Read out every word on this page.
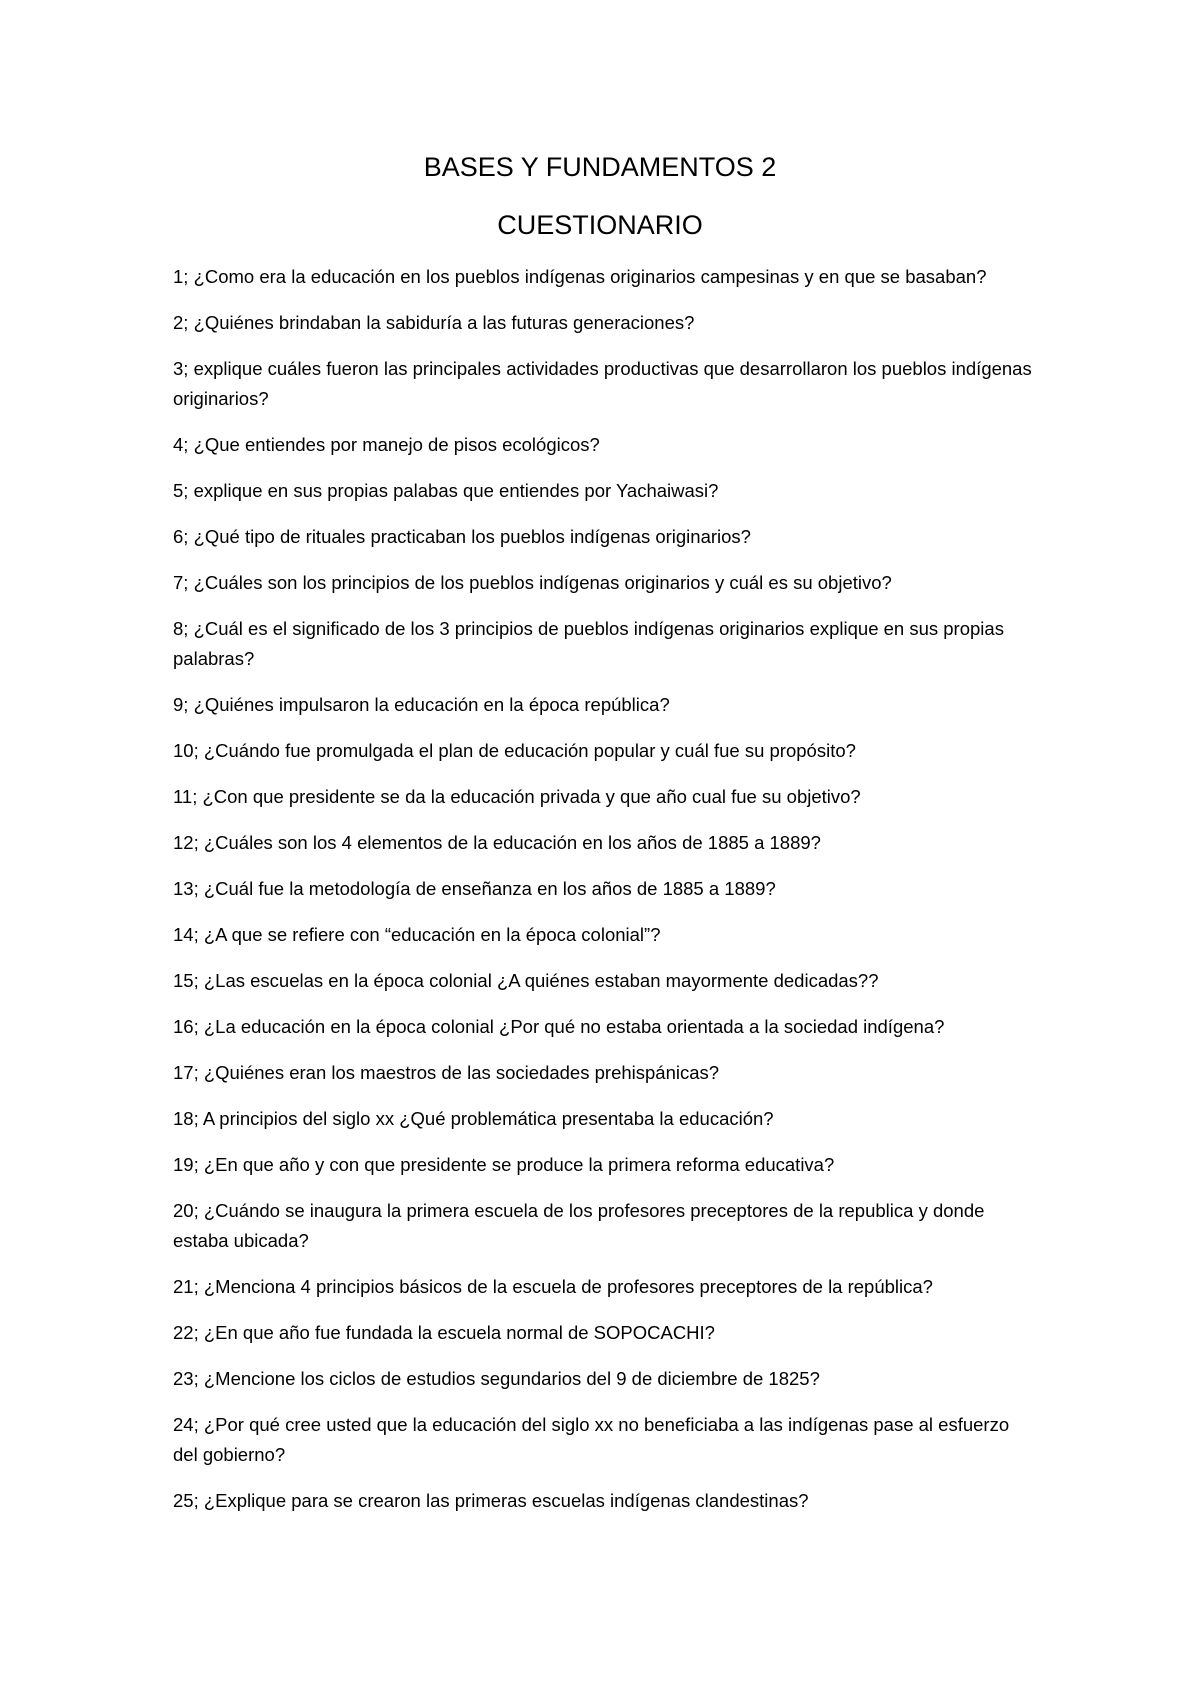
BASES Y FUNDAMENTOS 2
CUESTIONARIO

1; ¿Como era la educación en los pueblos indígenas originarios campesinas y en que se basaban?

2; ¿Quiénes brindaban la sabiduría a las futuras generaciones?

3; explique cuáles fueron las principales actividades productivas que desarrollaron los pueblos indígenas originarios?

4; ¿Que entiendes por manejo de pisos ecológicos?

5; explique en sus propias palabas que entiendes por Yachaiwasi?

6; ¿Qué tipo de rituales practicaban los pueblos indígenas originarios?

7; ¿Cuáles son los principios de los pueblos indígenas originarios y cuál es su objetivo?

8; ¿Cuál es el significado de los 3 principios de pueblos indígenas originarios explique en sus propias palabras?

9; ¿Quiénes impulsaron la educación en la época república?

10; ¿Cuándo fue promulgada el plan de educación popular y cuál fue su propósito?

11; ¿Con que presidente se da la educación privada y que año cual fue su objetivo?

12; ¿Cuáles son los 4 elementos de la educación en los años de 1885 a 1889?

13; ¿Cuál fue la metodología de enseñanza en los años de 1885 a 1889?

14; ¿A que se refiere con “educación en la época colonial”?

15; ¿Las escuelas en la época colonial ¿A quiénes estaban mayormente dedicadas??

16; ¿La educación en la época colonial ¿Por qué no estaba orientada a la sociedad indígena?

17; ¿Quiénes eran los maestros de las sociedades prehispánicas?

18; A principios del siglo xx ¿Qué problemática presentaba la educación?

19; ¿En que año y con que presidente se produce la primera reforma educativa?

20; ¿Cuándo se inaugura la primera escuela de los profesores preceptores de la republica y donde estaba ubicada?

21; ¿Menciona 4 principios básicos de la escuela de profesores preceptores de la república?

22; ¿En que año fue fundada la escuela normal de SOPOCACHI?

23; ¿Mencione los ciclos de estudios segundarios del 9 de diciembre de 1825?

24; ¿Por qué cree usted que la educación del siglo xx no beneficiaba a las indígenas pase al esfuerzo del gobierno?

25; ¿Explique para se crearon las primeras escuelas indígenas clandestinas?
